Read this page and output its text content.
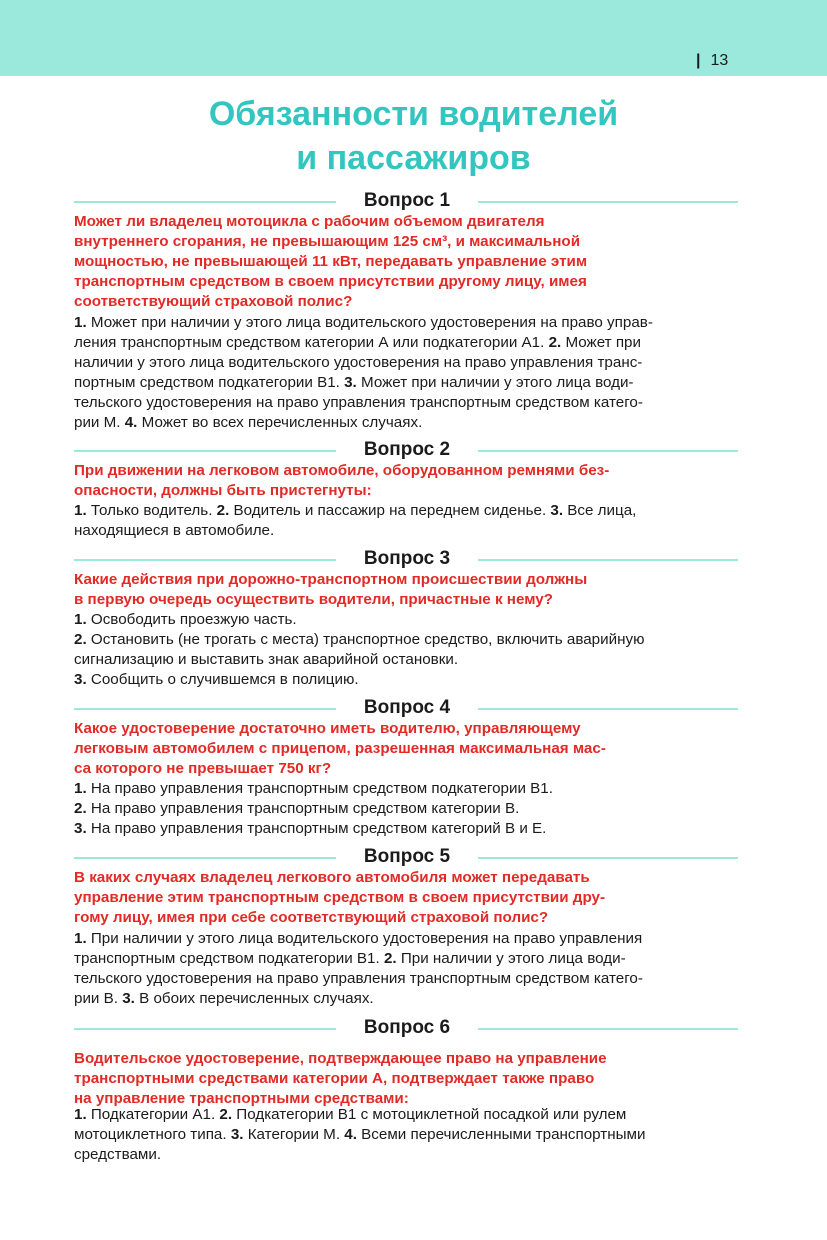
| 13
Обязанности водителей
и пассажиров
Вопрос 1

Может ли владелец мотоцикла с рабочим объемом двигателя
внутреннего сгорания, не превышающим 125 см³, и максимальной
мощностью, не превышающей 11 кВт, передавать управление этим
транспортным средством в своем присутствии другому лицу, имея
соответствующий страховой полис?

1. Может при наличии у этого лица водительского удостоверения на право управ-
ления транспортным средством категории А или подкатегории А1. 2. Может при
наличии у этого лица водительского удостоверения на право управления транс-
портным средством подкатегории В1. 3. Может при наличии у этого лица води-
тельского удостоверения на право управления транспортным средством катего-
рии М. 4. Может во всех перечисленных случаях.

Вопрос 2

При движении на легковом автомобиле, оборудованном ремнями без-
опасности, должны быть пристегнуты:

1. Только водитель. 2. Водитель и пассажир на переднем сиденье. 3. Все лица,
находящиеся в автомобиле.

Вопрос 3

Какие действия при дорожно-транспортном происшествии должны
в первую очередь осуществить водители, причастные к нему?

1. Освободить проезжую часть.
2. Остановить (не трогать с места) транспортное средство, включить аварийную
сигнализацию и выставить знак аварийной остановки.
3. Сообщить о случившемся в полицию.

Вопрос 4

Какое удостоверение достаточно иметь водителю, управляющему
легковым автомобилем с прицепом, разрешенная максимальная мас-
са которого не превышает 750 кг?

1. На право управления транспортным средством подкатегории В1.
2. На право управления транспортным средством категории В.
3. На право управления транспортным средством категорий В и Е.

Вопрос 5

В каких случаях владелец легкового автомобиля может передавать
управление этим транспортным средством в своем присутствии дру-
гому лицу, имея при себе соответствующий страховой полис?

1. При наличии у этого лица водительского удостоверения на право управления
транспортным средством подкатегории В1. 2. При наличии у этого лица води-
тельского удостоверения на право управления транспортным средством катего-
рии В. 3. В обоих перечисленных случаях.

Вопрос 6

Водительское удостоверение, подтверждающее право на управление
транспортными средствами категории А, подтверждает также право
на управление транспортными средствами:

1. Подкатегории А1. 2. Подкатегории В1 с мотоциклетной посадкой или рулем
мотоциклетного типа. 3. Категории М. 4. Всеми перечисленными транспортными
средствами.
